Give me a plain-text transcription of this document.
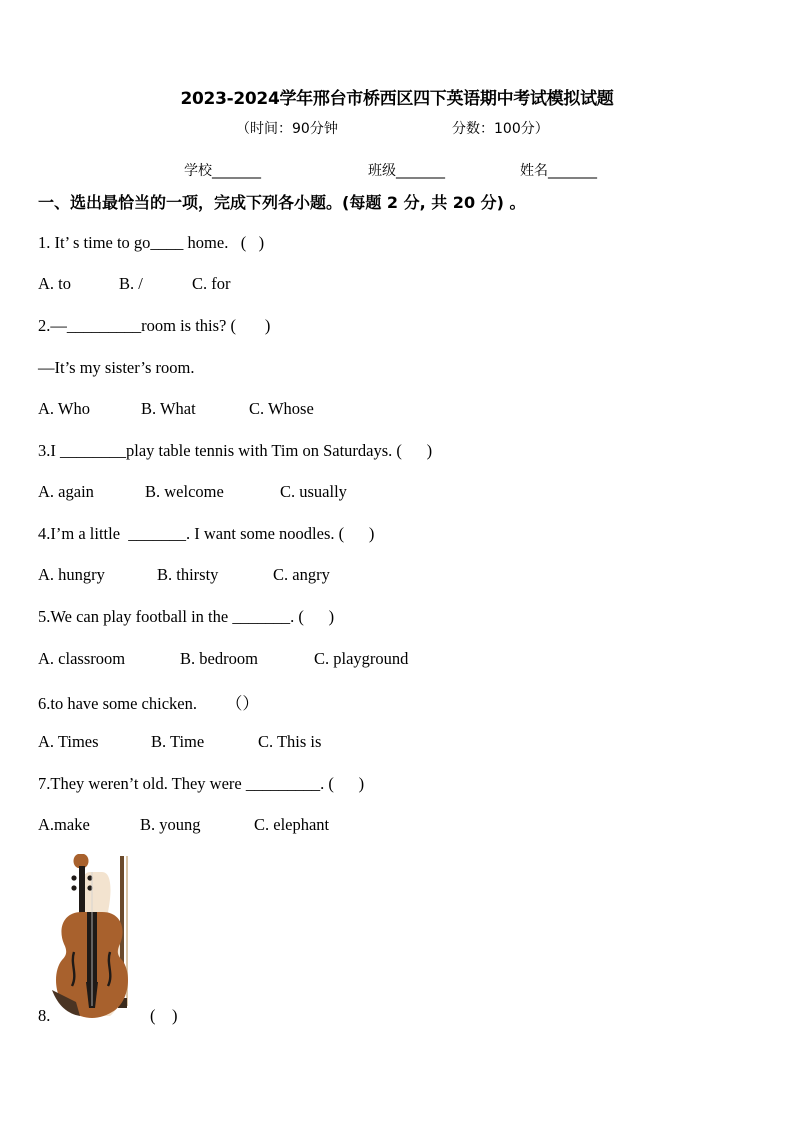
2023-2024学年邢台市桥西区四下英语期中考试模拟试题
（时间：90分钟	分数：100分）
学校_______	班级_______	姓名_______
一、选出最恰当的一项，完成下列各小题。(每题 2 分, 共 20 分) 。
1. It’ s time to go____ home.   (   )
A. to	B. /	C. for
2.—_________room is this? (       )
—It’s my sister’s room.
A. Who	B. What	C. Whose
3.I ________play table tennis with Tim on Saturdays. (      )
A. again	B. welcome	C. usually
4.I’m a little  _______. I want some noodles. (      )
A. hungry	B. thirsty	C. angry
5.We can play football in the _______. (      )
A. classroom	B. bedroom	C. playground
6.to have some chicken.       （）
A. Times	B. Time	C. This is
7.They weren’t old. They were _________. (      )
A.make	B. young	C. elephant
8.	(    )
